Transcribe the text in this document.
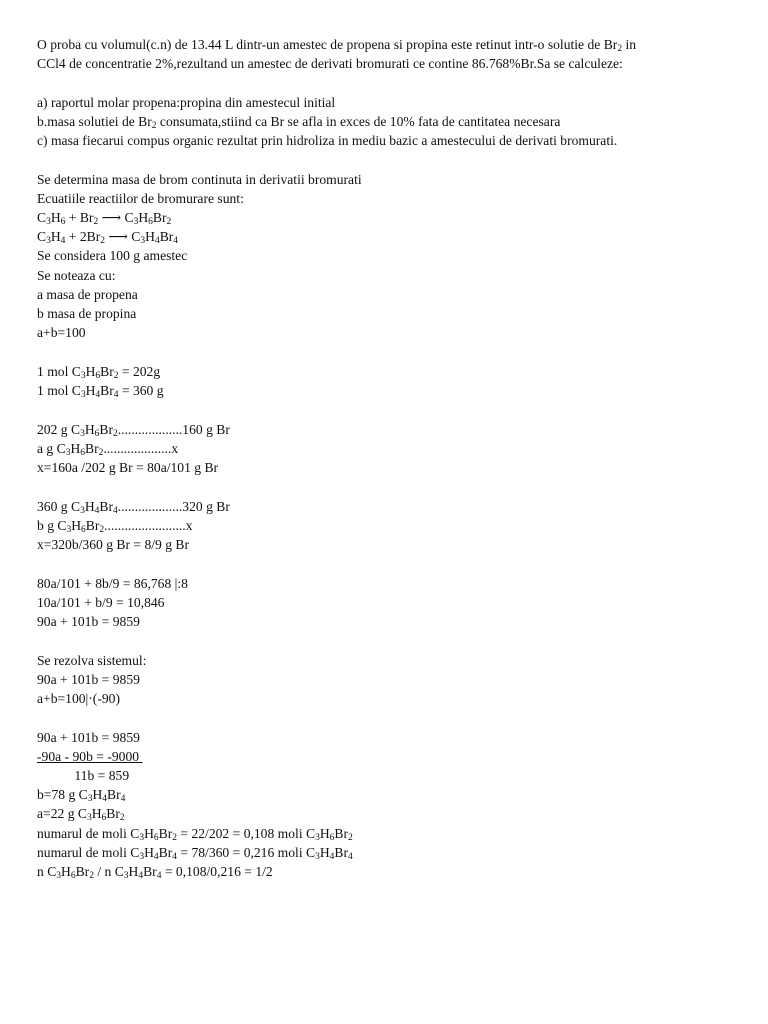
O proba cu volumul(c.n) de 13.44 L dintr-un amestec de propena si propina este retinut intr-o solutie de $Br_2$ in
CCl4 de concentratie 2%,rezultand un amestec de derivati bromurati ce contine 86.768%Br.Sa se calculeze:
a) raportul molar propena:propina din amestecul initial
b.masa solutiei de $Br_2$ consumata,stiind ca Br se afla in exces de 10% fata de cantitatea necesara
c) masa fiecarui compus organic rezultat prin hidroliza in mediu bazic a amestecului de derivati bromurati.
Se determina masa de brom continuta in derivatii bromurati
Ecuatiile reactiilor de bromurare sunt:
$C_3H_6 + Br_2$ ⟶ $C_3H_6Br_2$
$C_3H_4 + 2Br_2$ ⟶ $C_3H_4Br_4$
Se considera 100 g amestec
Se noteaza cu:
a masa de propena
b masa de propina
a+b=100
1 mol $C_3H_6Br_2 = 202g$
1 mol $C_3H_4Br_4 = 360$ g
202 g $C_3H_6Br_2...................160$ g Br
a g $C_3H_6Br_2....................x$
x=160a /202 g Br = 80a/101 g Br
360 g $C_3H_4Br_4...................320$ g Br
b g $C_3H_6Br_2........................x$
x=320b/360 g Br = 8/9 g Br
80a/101 + 8b/9 = 86,768 |:8
10a/101 + b/9 = 10,846
90a + 101b = 9859
Se rezolva sistemul:
90a + 101b = 9859
a+b=100|·(-90)
90a + 101b = 9859
-90a - 90b = -9000
11b = 859
b=78 g $C_3H_4Br_4$
a=22 g $C_3H_6Br_2$
numarul de moli $C_3H_6Br_2 = 22/202 = 0,108$ moli $C_3H_6Br_2$
numarul de moli $C_3H_4Br_4 = 78/360 = 0,216$ moli $C_3H_4Br_4$
n $C_3H_6Br_2$ / n $C_3H_4Br_4 = 0,108/0,216 = 1/2$
